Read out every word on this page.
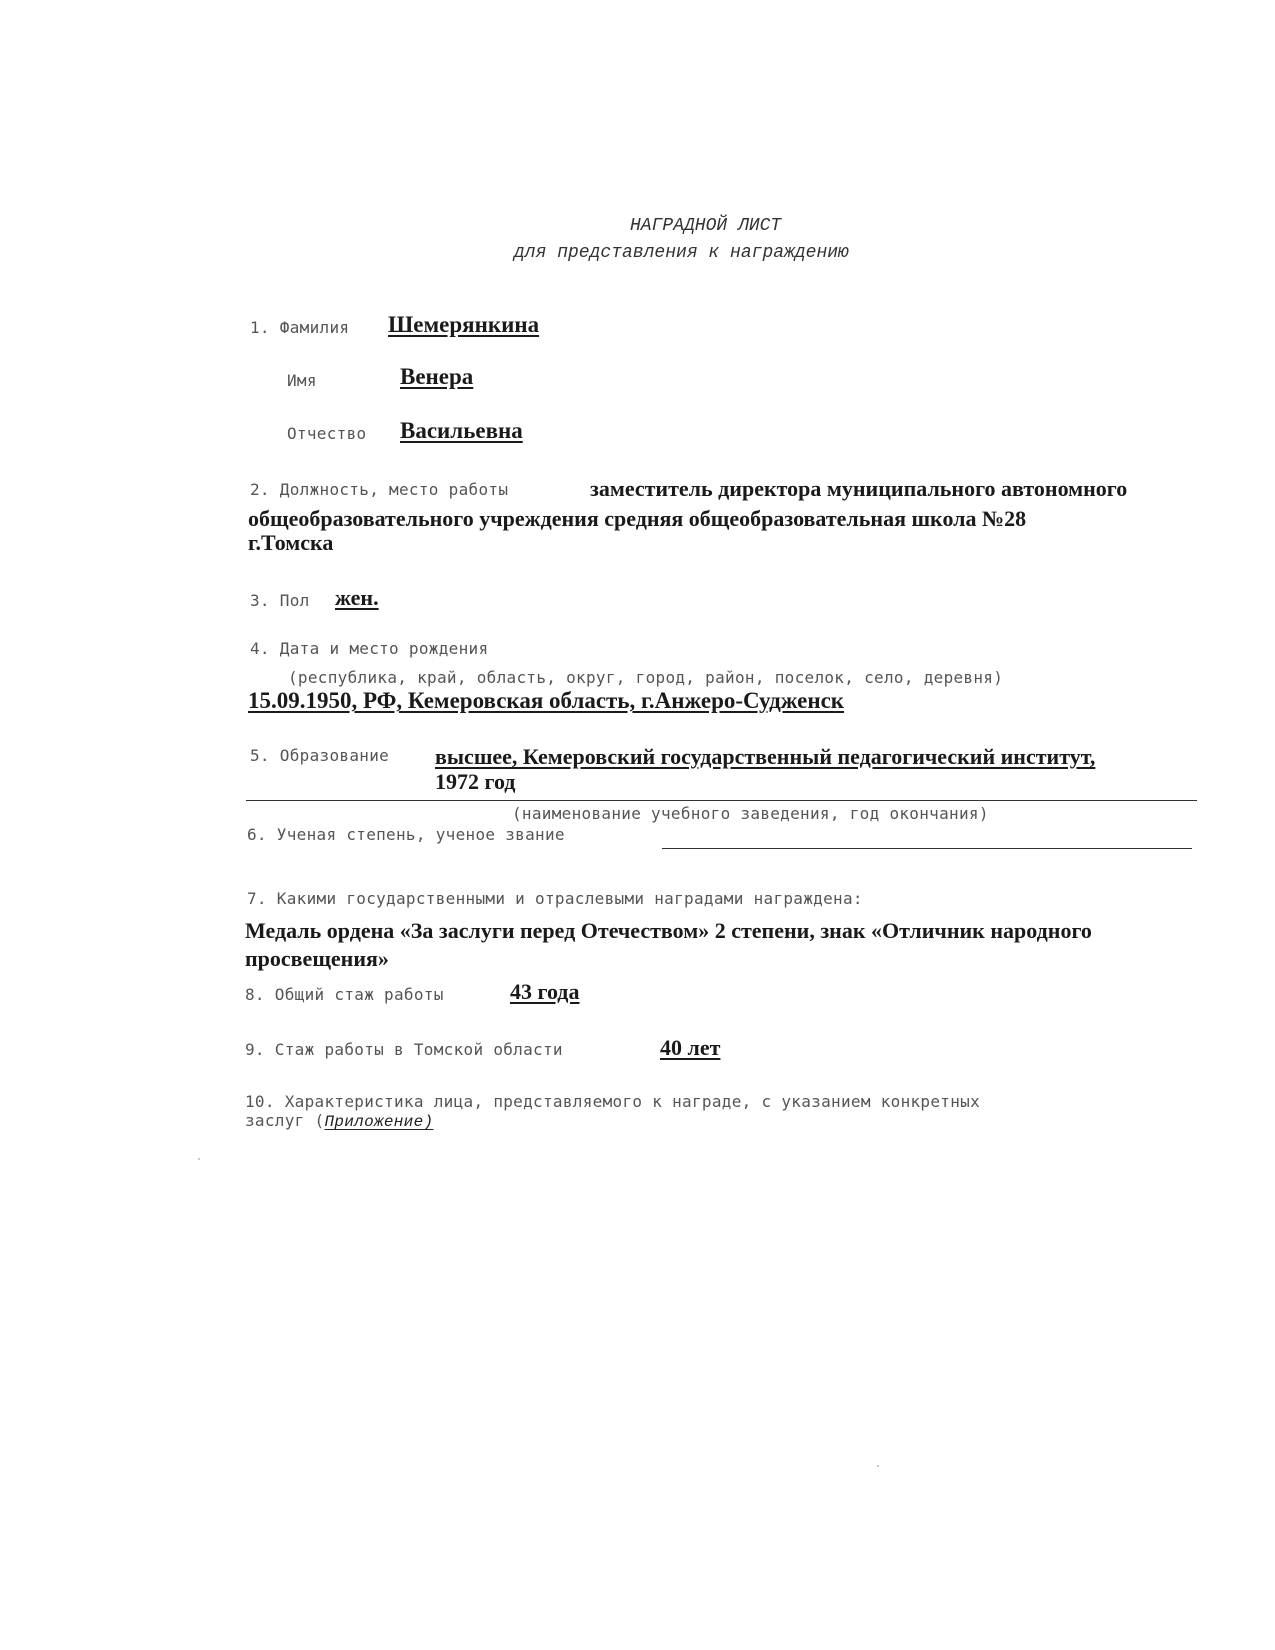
НАГРАДНОЙ ЛИСТ
для представления к награждению
1. Фамилия Шемерянкина
Имя	Венера
Отчество Васильевна
2. Должность, место работы	заместитель директора муниципального автономного
общеобразовательного учреждения средняя общеобразовательная школа №28
г.Томска
3. Пол жен.
4. Дата и место рождения
(республика, край, область, округ, город, район, поселок, село, деревня)
15.09.1950, РФ, Кемеровская область, г.Анжеро-Судженск
5. Образование высшее, Кемеровский государственный педагогический институт,
1972 год
(наименование учебного заведения, год окончания)
6. Ученая степень, ученое звание
7. Какими государственными и отраслевыми наградами награждена:
Медаль ордена «За заслуги перед Отечеством» 2 степени, знак «Отличник народного
просвещения»
8. Общий стаж работы	43 года
9. Стаж работы в Томской области	40 лет
10. Характеристика лица, представляемого к награде, с указанием конкретных
заслуг (Приложение)
